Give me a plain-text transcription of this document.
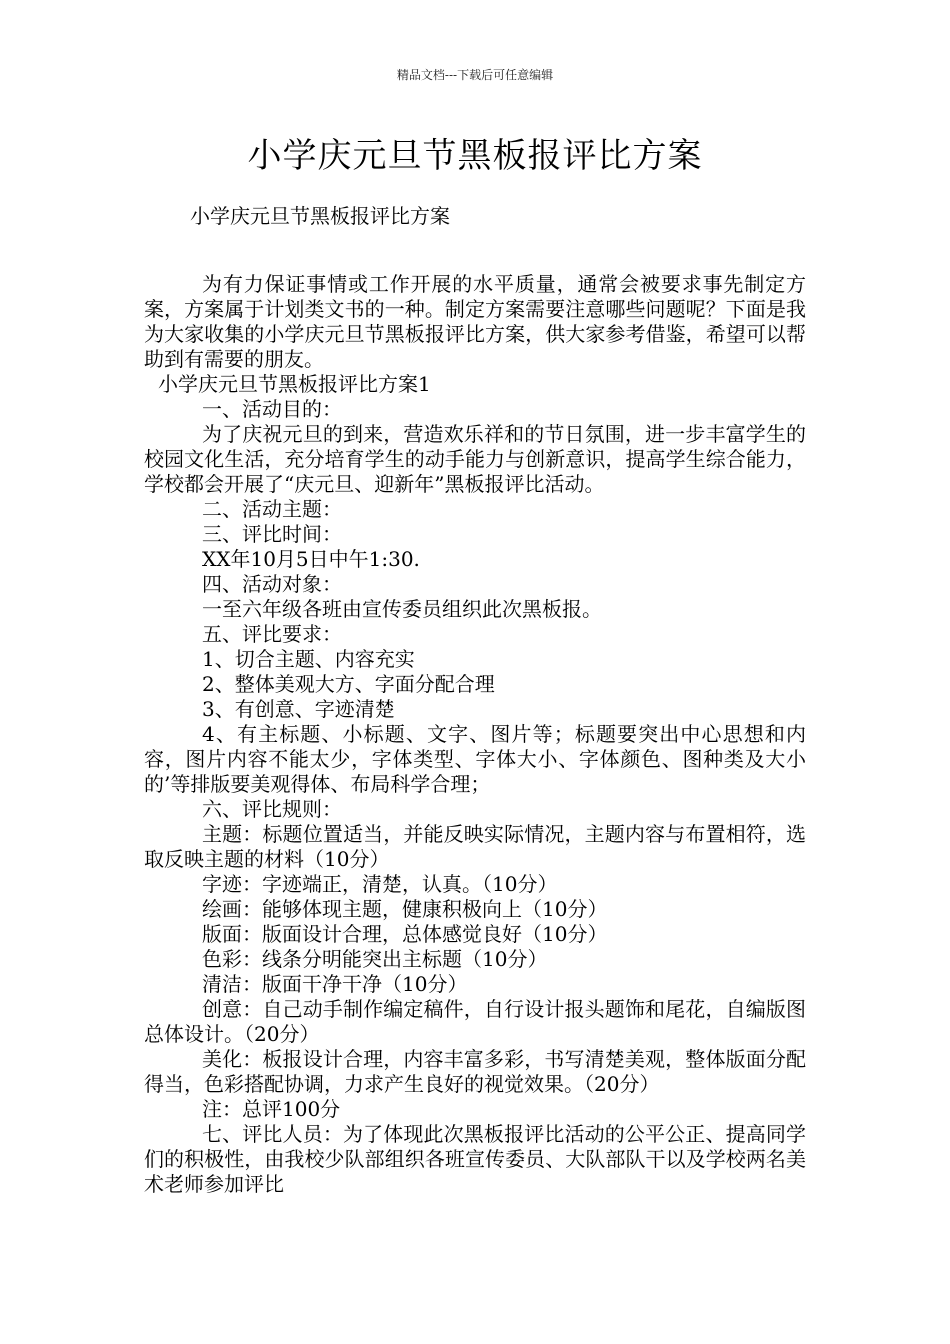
精品文档---下载后可任意编辑
小学庆元旦节黑板报评比方案
小学庆元旦节黑板报评比方案

为有力保证事情或工作开展的水平质量，通常会被要求事先制定方案，方案属于计划类文书的一种。制定方案需要注意哪些问题呢？下面是我为大家收集的小学庆元旦节黑板报评比方案，供大家参考借鉴，希望可以帮助到有需要的朋友。

小学庆元旦节黑板报评比方案1

一、活动目的：

为了庆祝元旦的到来，营造欢乐祥和的节日氛围，进一步丰富学生的校园文化生活，充分培育学生的动手能力与创新意识，提高学生综合能力，学校都会开展了“庆元旦、迎新年”黑板报评比活动。

二、活动主题：

三、评比时间：

XX年10月5日中午1:30.

四、活动对象：

一至六年级各班由宣传委员组织此次黑板报。

五、评比要求：

1、切合主题、内容充实

2、整体美观大方、字面分配合理

3、有创意、字迹清楚

4、有主标题、小标题、文字、图片等；标题要突出中心思想和内容，图片内容不能太少，字体类型、字体大小、字体颜色、图种类及大小的’等排版要美观得体、布局科学合理；

六、评比规则：

主题：标题位置适当，并能反映实际情况，主题内容与布置相符，选取反映主题的材料（10分）

字迹：字迹端正，清楚，认真。（10分）

绘画：能够体现主题，健康积极向上（10分）

版面：版面设计合理，总体感觉良好（10分）

色彩：线条分明能突出主标题（10分）

清洁：版面干净干净（10分）

创意：自己动手制作编定稿件，自行设计报头题饰和尾花，自编版图总体设计。（20分）

美化：板报设计合理，内容丰富多彩，书写清楚美观，整体版面分配得当，色彩搭配协调，力求产生良好的视觉效果。（20分）

注：总评100分

七、评比人员：为了体现此次黑板报评比活动的公平公正、提高同学们的积极性，由我校少队部组织各班宣传委员、大队部队干以及学校两名美术老师参加评比
